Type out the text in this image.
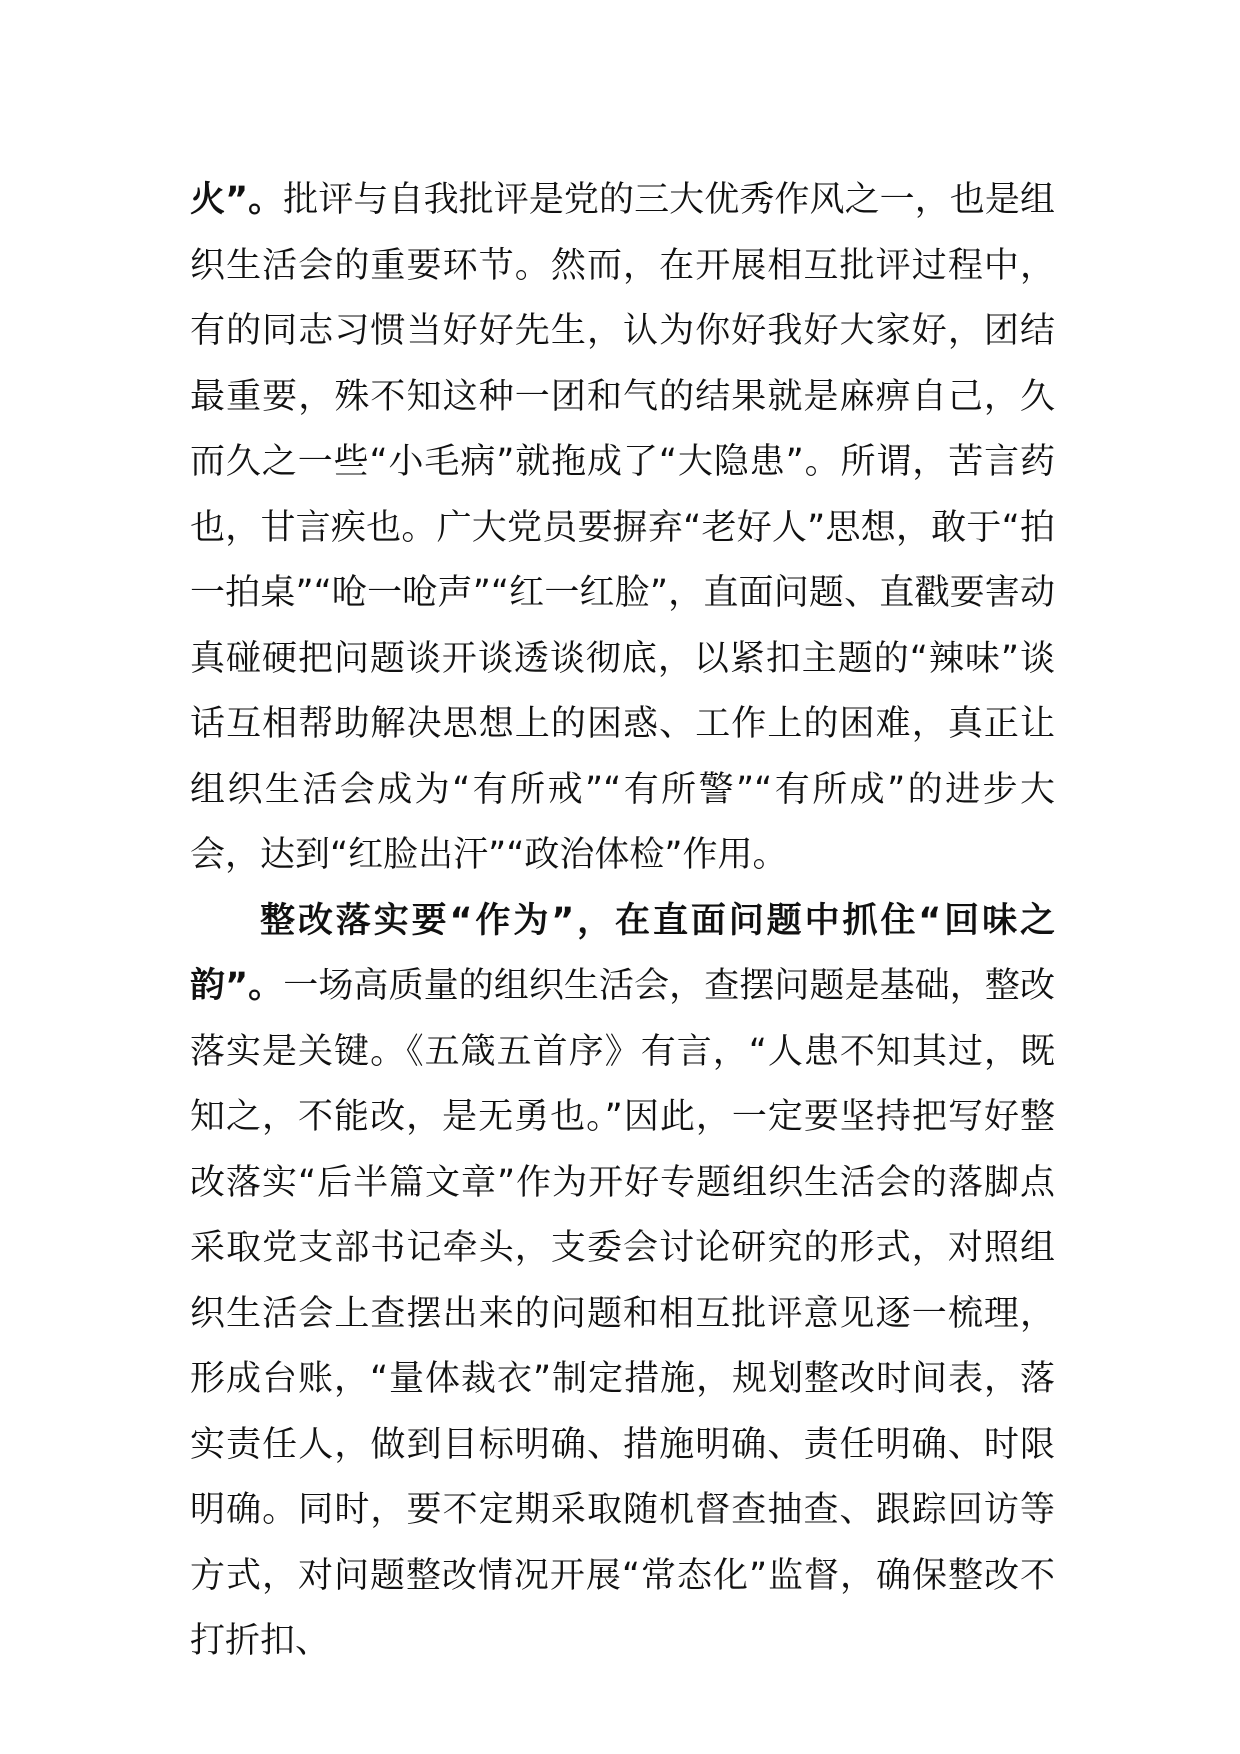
火”。批评与自我批评是党的三大优秀作风之一，也是组织生活会的重要环节。然而，在开展相互批评过程中，有的同志习惯当好好先生，认为你好我好大家好，团结最重要，殊不知这种一团和气的结果就是麻痹自己，久而久之一些“小毛病”就拖成了“大隐患”。所谓，苦言药也，甘言疾也。广大党员要摒弃“老好人”思想，敢于“拍一拍桌”“呛一呛声”“红一红脸”，直面问题、直戳要害动真碰硬把问题谈开谈透谈彻底，以紧扣主题的“辣味”谈话互相帮助解决思想上的困惑、工作上的困难，真正让组织生活会成为“有所戒”“有所警”“有所成”的进步大会，达到“红脸出汗”“政治体检”作用。

整改落实要“作为”，在直面问题中抓住“回味之韵”。一场高质量的组织生活会，查摆问题是基础，整改落实是关键。《五箴五首序》有言，“人患不知其过，既知之，不能改，是无勇也。”因此，一定要坚持把写好整改落实“后半篇文章”作为开好专题组织生活会的落脚点采取党支部书记牵头，支委会讨论研究的形式，对照组织生活会上查摆出来的问题和相互批评意见逐一梳理，形成台账，“量体裁衣”制定措施，规划整改时间表，落实责任人，做到目标明确、措施明确、责任明确、时限明确。同时，要不定期采取随机督查抽查、跟踪回访等方式，对问题整改情况开展“常态化”监督，确保整改不打折扣、
